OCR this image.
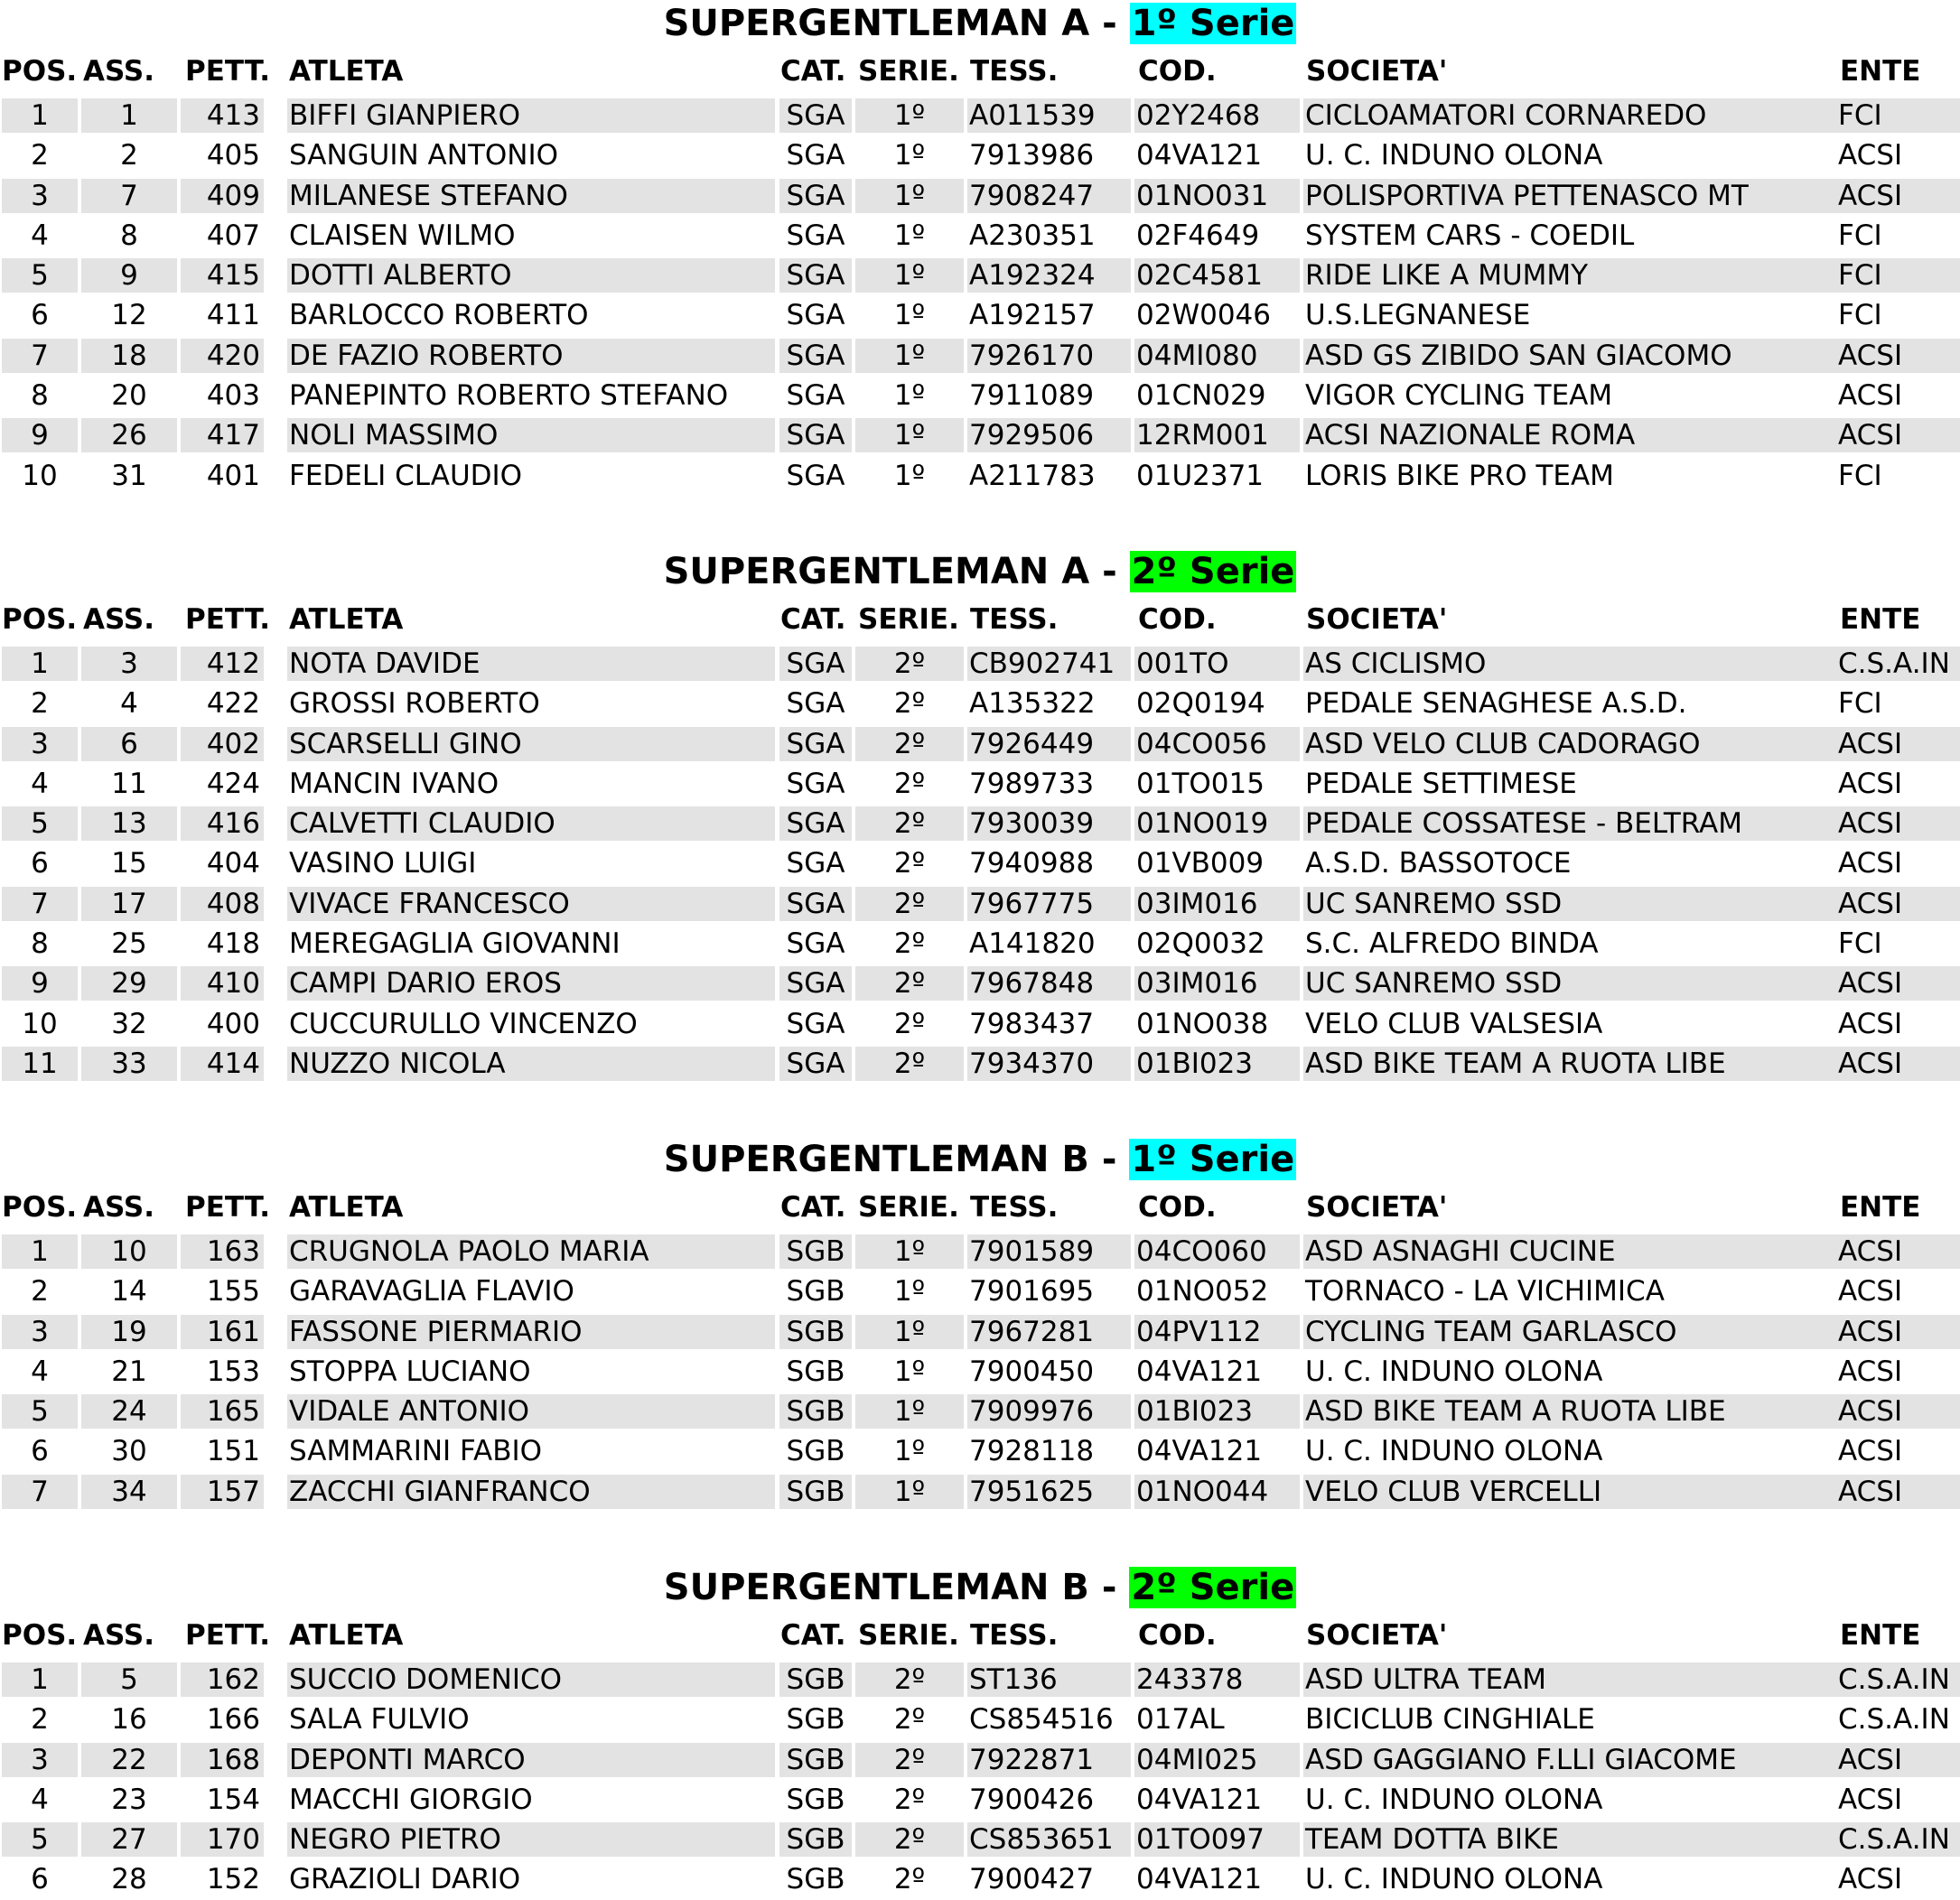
SUPERGENTLEMAN A - 1º Serie
POS. ASS. PETT. ATLETA	CAT. SERIE. TESS.	COD.	SOCIETA'	ENTE
1	1	413 BIFFI GIANPIERO	SGA	1º	A011539	02Y2468	CICLOAMATORI CORNAREDO	FCI
2	2	405 SANGUIN ANTONIO	SGA	1º	7913986	04VA121	U. C. INDUNO OLONA	ACSI
3	7	409 MILANESE STEFANO	SGA	1º	7908247	01NO031	POLISPORTIVA PETTENASCO MT	ACSI
4	8	407 CLAISEN WILMO	SGA	1º	A230351	02F4649	SYSTEM CARS - COEDIL	FCI
5	9	415 DOTTI ALBERTO	SGA	1º	A192324	02C4581	RIDE LIKE A MUMMY	FCI
6	12	411 BARLOCCO ROBERTO	SGA	1º	A192157	02W0046	U.S.LEGNANESE	FCI
7	18	420 DE FAZIO ROBERTO	SGA	1º	7926170	04MI080	ASD GS ZIBIDO SAN GIACOMO	ACSI
8	20	403 PANEPINTO ROBERTO STEFANO	SGA	1º	7911089	01CN029	VIGOR CYCLING TEAM	ACSI
9	26	417 NOLI MASSIMO	SGA	1º	7929506	12RM001	ACSI NAZIONALE ROMA	ACSI
10	31	401 FEDELI CLAUDIO	SGA	1º	A211783	01U2371	LORIS BIKE PRO TEAM	FCI
SUPERGENTLEMAN A - 2º Serie
POS. ASS. PETT. ATLETA	CAT. SERIE. TESS.	COD.	SOCIETA'	ENTE
1	3	412 NOTA DAVIDE	SGA	2º	CB902741 001TO	AS CICLISMO	C.S.A.IN
2	4	422 GROSSI ROBERTO	SGA	2º	A135322	02Q0194	PEDALE SENAGHESE A.S.D.	FCI
3	6	402 SCARSELLI GINO	SGA	2º	7926449	04CO056	ASD VELO CLUB CADORAGO	ACSI
4	11	424 MANCIN IVANO	SGA	2º	7989733	01TO015	PEDALE SETTIMESE	ACSI
5	13	416 CALVETTI CLAUDIO	SGA	2º	7930039	01NO019	PEDALE COSSATESE - BELTRAM	ACSI
6	15	404 VASINO LUIGI	SGA	2º	7940988	01VB009	A.S.D. BASSOTOCE	ACSI
7	17	408 VIVACE FRANCESCO	SGA	2º	7967775	03IM016	UC SANREMO SSD	ACSI
8	25	418 MEREGAGLIA GIOVANNI	SGA	2º	A141820	02Q0032	S.C. ALFREDO BINDA	FCI
9	29	410 CAMPI DARIO EROS	SGA	2º	7967848	03IM016	UC SANREMO SSD	ACSI
10	32	400 CUCCURULLO VINCENZO	SGA	2º	7983437	01NO038	VELO CLUB VALSESIA	ACSI
11	33	414 NUZZO NICOLA	SGA	2º	7934370	01BI023	ASD BIKE TEAM A RUOTA LIBE	ACSI
SUPERGENTLEMAN B - 1º Serie
POS. ASS. PETT. ATLETA	CAT. SERIE. TESS.	COD.	SOCIETA'	ENTE
1	10	163 CRUGNOLA PAOLO MARIA	SGB	1º	7901589	04CO060	ASD ASNAGHI CUCINE	ACSI
2	14	155 GARAVAGLIA FLAVIO	SGB	1º	7901695	01NO052	TORNACO - LA VICHIMICA	ACSI
3	19	161 FASSONE PIERMARIO	SGB	1º	7967281	04PV112	CYCLING TEAM GARLASCO	ACSI
4	21	153 STOPPA LUCIANO	SGB	1º	7900450	04VA121	U. C. INDUNO OLONA	ACSI
5	24	165 VIDALE ANTONIO	SGB	1º	7909976	01BI023	ASD BIKE TEAM A RUOTA LIBE	ACSI
6	30	151 SAMMARINI FABIO	SGB	1º	7928118	04VA121	U. C. INDUNO OLONA	ACSI
7	34	157 ZACCHI GIANFRANCO	SGB	1º	7951625	01NO044	VELO CLUB VERCELLI	ACSI
SUPERGENTLEMAN B - 2º Serie
POS. ASS. PETT. ATLETA	CAT. SERIE. TESS.	COD.	SOCIETA'	ENTE
1	5	162 SUCCIO DOMENICO	SGB	2º	ST136	243378	ASD ULTRA TEAM	C.S.A.IN
2	16	166 SALA FULVIO	SGB	2º	CS854516 017AL	BICICLUB CINGHIALE	C.S.A.IN
3	22	168 DEPONTI MARCO	SGB	2º	7922871	04MI025	ASD GAGGIANO F.LLI GIACOME	ACSI
4	23	154 MACCHI GIORGIO	SGB	2º	7900426	04VA121	U. C. INDUNO OLONA	ACSI
5	27	170 NEGRO PIETRO	SGB	2º	CS853651 01TO097	TEAM DOTTA BIKE	C.S.A.IN
6	28	152 GRAZIOLI DARIO	SGB	2º	7900427	04VA121	U. C. INDUNO OLONA	ACSI
